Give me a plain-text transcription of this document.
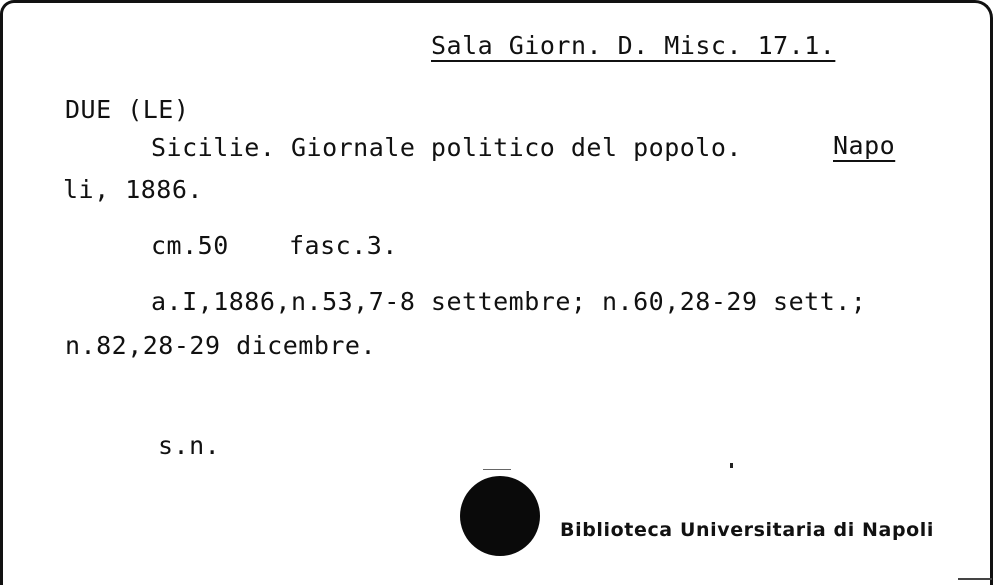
Sala Giorn. D. Misc. 17.1.
DUE (LE)
Sicilie. Giornale politico del popolo.	Napo
li, 1886.
cm.50 fasc.3.
a.I,1886,n.53,7-8 settembre; n.60,28-29 sett.;
n.82,28-29 dicembre.
s.n.
Biblioteca Universitaria di Napoli
